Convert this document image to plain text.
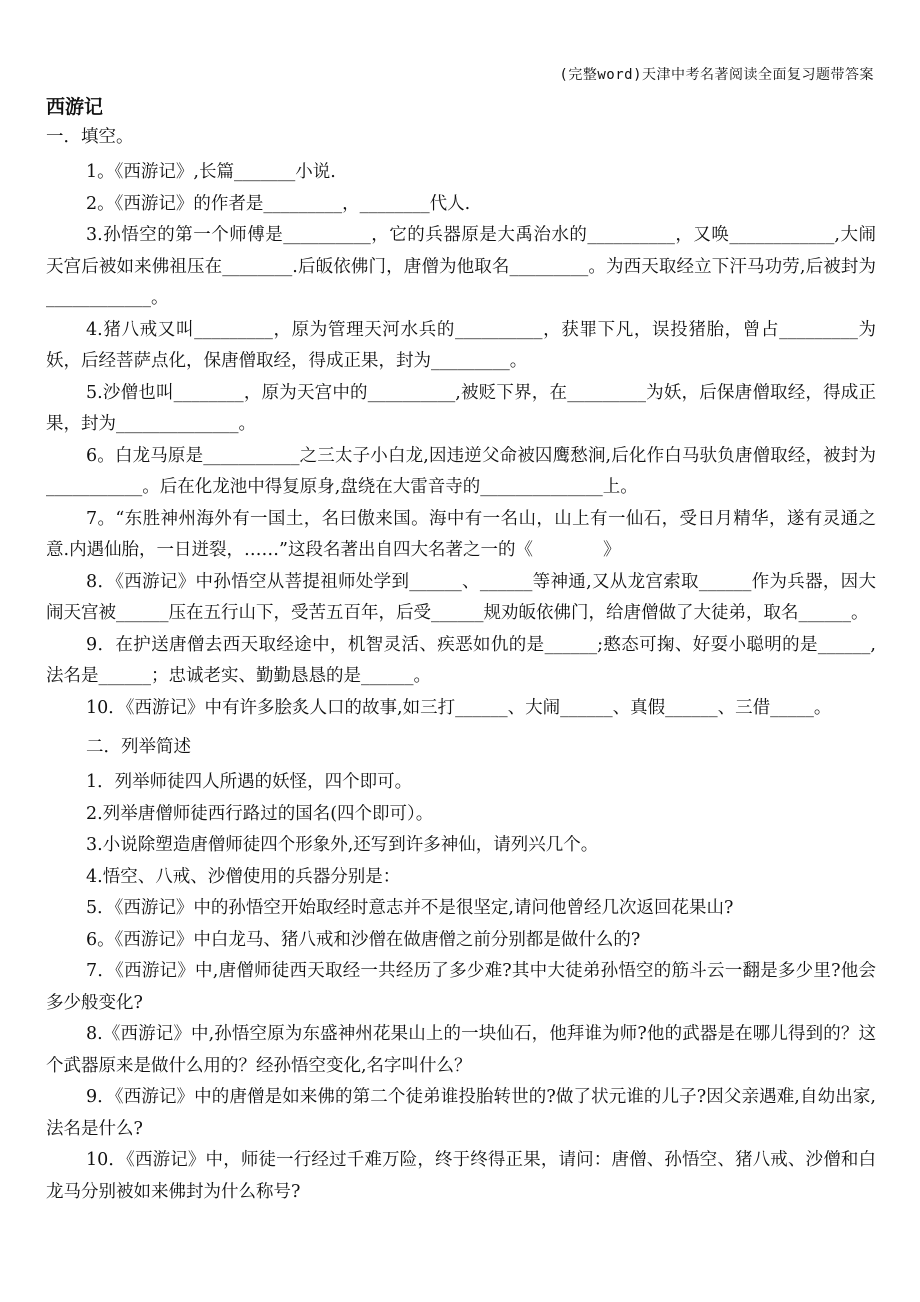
(完整word)天津中考名著阅读全面复习题带答案
西游记
一．填空。

1。《西游记》,长篇_______小说.

2。《西游记》的作者是_________，________代人.

3.孙悟空的第一个师傅是__________，它的兵器原是大禹治水的__________，又唤____________,大闹天宫后被如来佛祖压在________.后皈依佛门，唐僧为他取名_________。为西天取经立下汗马功劳,后被封为____________。

4.猪八戒又叫_________，原为管理天河水兵的__________，获罪下凡，误投猪胎，曾占_________为妖，后经菩萨点化，保唐僧取经，得成正果，封为_________。

5.沙僧也叫________，原为天宫中的__________,被贬下界，在_________为妖，后保唐僧取经，得成正果，封为______________。

6。白龙马原是___________之三太子小白龙,因违逆父命被囚鹰愁涧,后化作白马驮负唐僧取经，被封为___________。后在化龙池中得复原身,盘绕在大雷音寺的______________上。

7。“东胜神州海外有一国土，名曰傲来国。海中有一名山，山上有一仙石，受日月精华，遂有灵通之意.内遇仙胎，一日迸裂，……”这段名著出自四大名著之一的《　　　　》

8．《西游记》中孙悟空从菩提祖师处学到______、______等神通,又从龙宫索取______作为兵器，因大闹天宫被______压在五行山下，受苦五百年，后受______规劝皈依佛门，给唐僧做了大徒弟，取名______。

9．在护送唐僧去西天取经途中，机智灵活、疾恶如仇的是______;憨态可掬、好耍小聪明的是______,法名是______；忠诚老实、勤勤恳恳的是______。

10．《西游记》中有许多脍炙人口的故事,如三打______、大闹______、真假______、三借_____。

二．列举简述

1．列举师徒四人所遇的妖怪，四个即可。

2.列举唐僧师徒西行路过的国名(四个即可）。

3.小说除塑造唐僧师徒四个形象外,还写到许多神仙，请列兴几个。

4.悟空、八戒、沙僧使用的兵器分别是：

5．《西游记》中的孙悟空开始取经时意志并不是很坚定,请问他曾经几次返回花果山?

6。《西游记》中白龙马、猪八戒和沙僧在做唐僧之前分别都是做什么的?

7．《西游记》中,唐僧师徒西天取经一共经历了多少难?其中大徒弟孙悟空的筋斗云一翻是多少里?他会多少般变化?

8.《西游记》中,孙悟空原为东盛神州花果山上的一块仙石，他拜谁为师?他的武器是在哪儿得到的？这个武器原来是做什么用的？经孙悟空变化,名字叫什么？

9．《西游记》中的唐僧是如来佛的第二个徒弟谁投胎转世的?做了状元谁的儿子?因父亲遇难,自幼出家,法名是什么?

10．《西游记》中，师徒一行经过千难万险，终于终得正果，请问：唐僧、孙悟空、猪八戒、沙僧和白龙马分别被如来佛封为什么称号?
